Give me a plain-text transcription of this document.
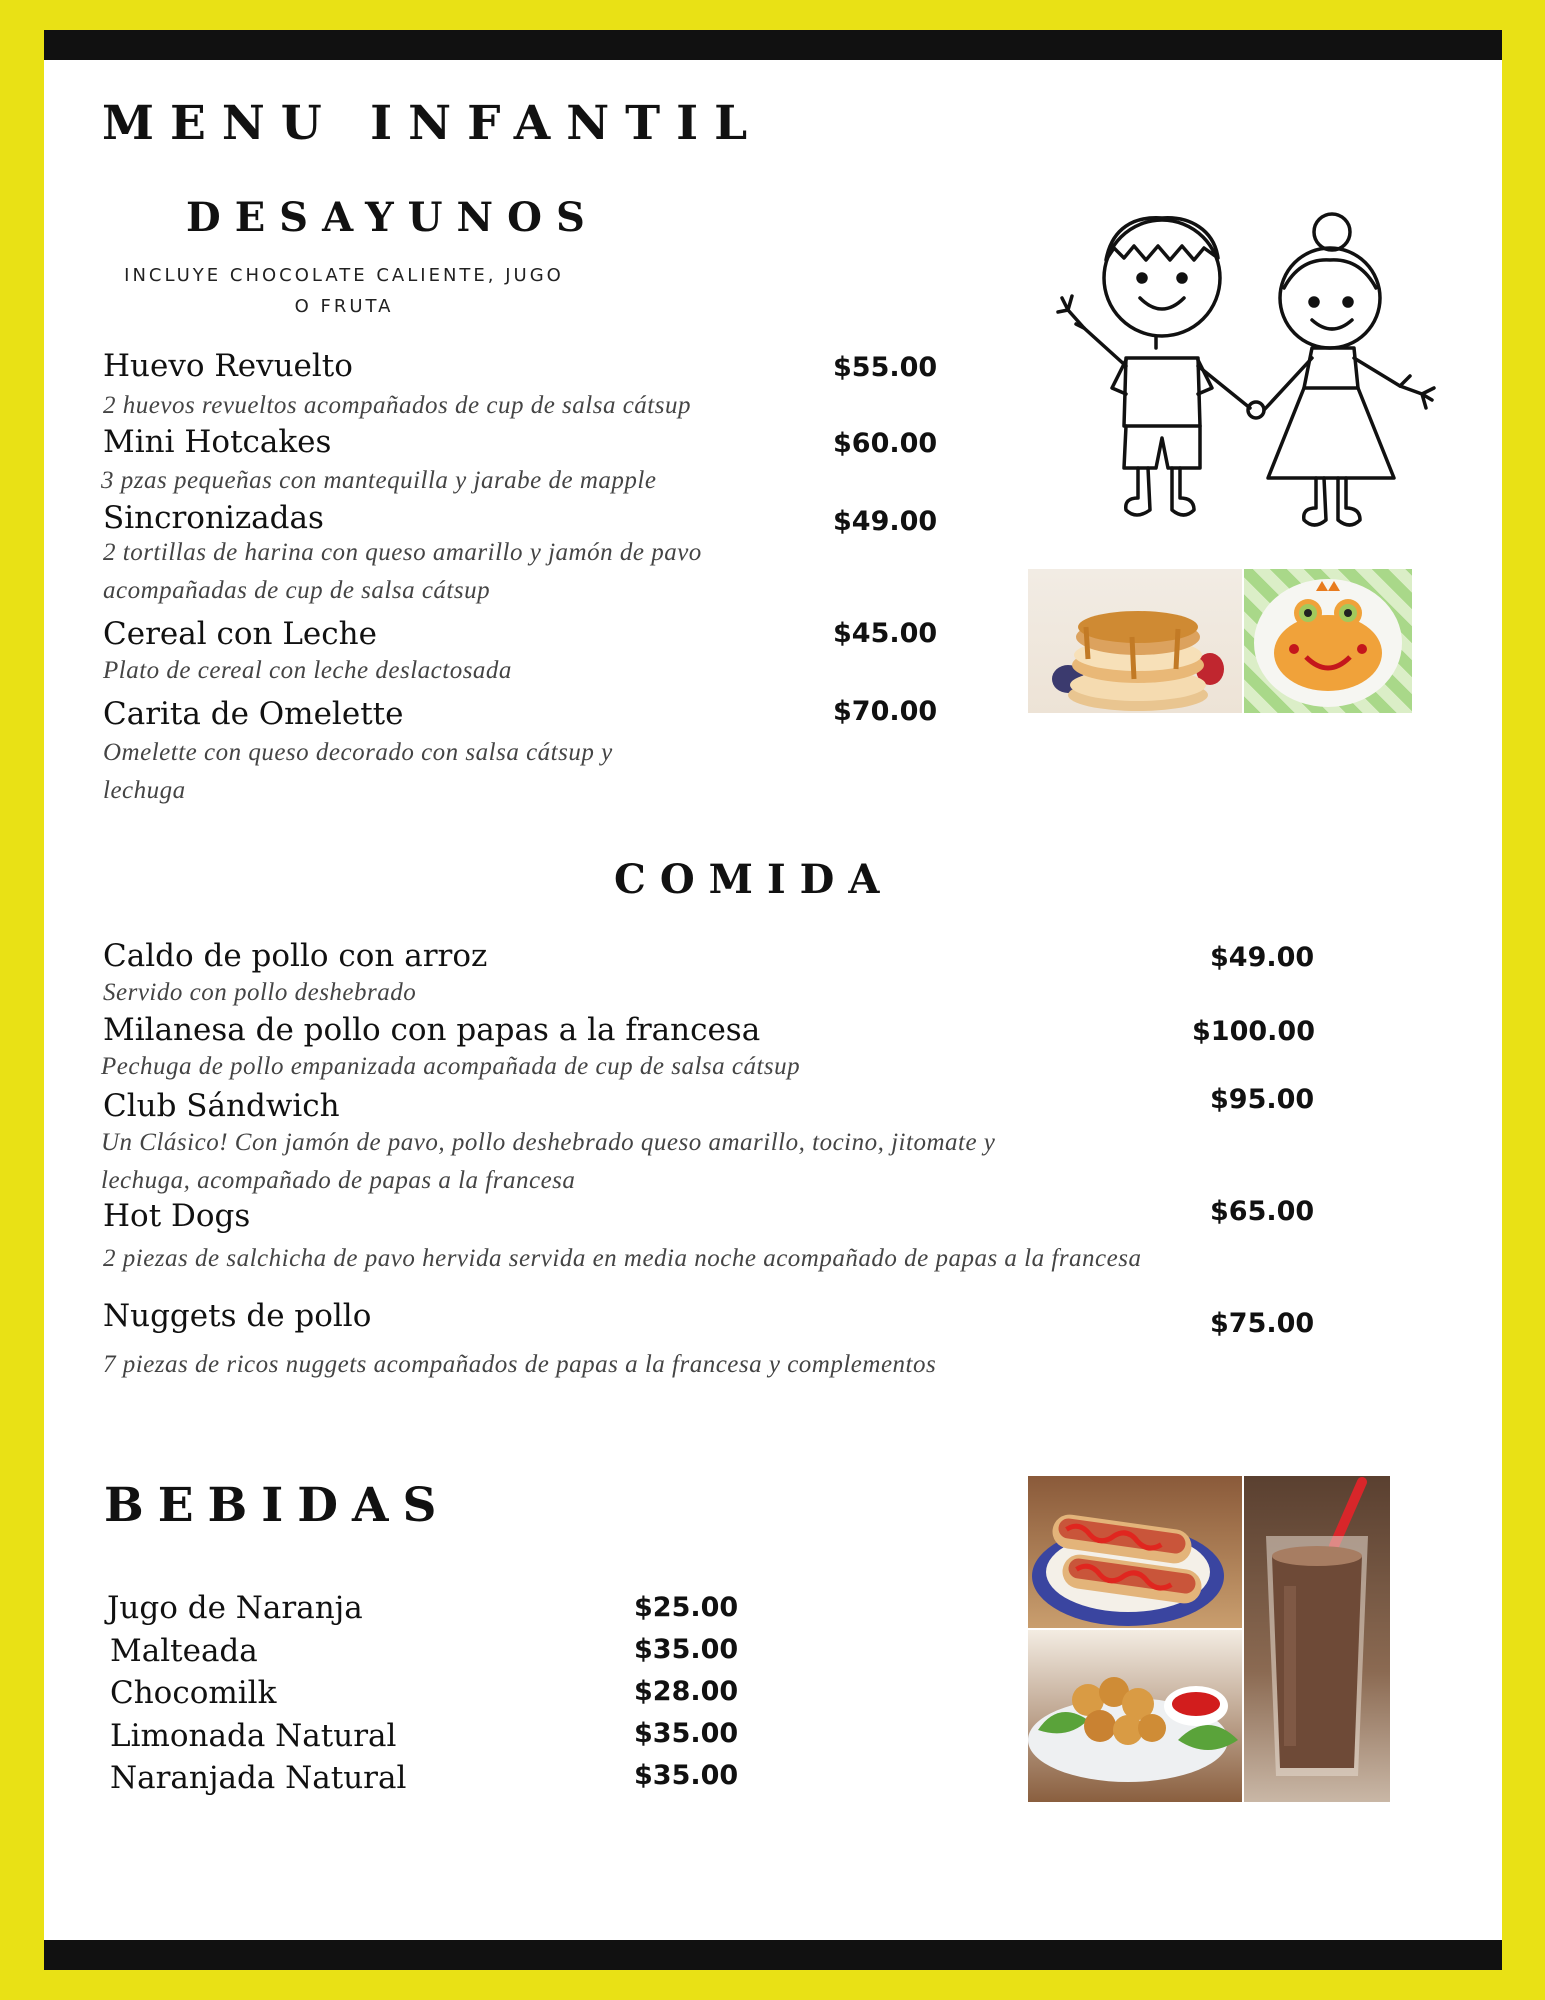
MENU INFANTIL
DESAYUNOS
INCLUYE CHOCOLATE CALIENTE, JUGO O FRUTA
Huevo Revuelto
2 huevos revueltos acompañados de cup de salsa cátsup
$55.00
Mini Hotcakes
3 pzas pequeñas con mantequilla y jarabe de mapple
$60.00
Sincronizadas
2 tortillas de harina con queso amarillo y jamón de pavo acompañadas de cup de salsa cátsup
$49.00
Cereal con Leche
Plato de cereal con leche deslactosada
$45.00
Carita de Omelette
Omelette con queso decorado con salsa cátsup y lechuga
$70.00
COMIDA
Caldo de pollo con arroz
Servido con pollo deshebrado
$49.00
Milanesa de pollo con papas a la francesa
Pechuga de pollo empanizada acompañada de cup de salsa cátsup
$100.00
Club Sándwich
Un Clásico! Con jamón de pavo, pollo deshebrado queso amarillo, tocino, jitomate y lechuga, acompañado de papas a la francesa
$95.00
Hot Dogs
2 piezas de salchicha de pavo hervida servida en media noche acompañado de papas a la francesa
$65.00
Nuggets de pollo
7 piezas de ricos nuggets acompañados de papas a la francesa y complementos
$75.00
BEBIDAS
Jugo de Naranja	$25.00
Malteada	$35.00
Chocomilk	$28.00
Limonada Natural	$35.00
Naranjada Natural	$35.00
